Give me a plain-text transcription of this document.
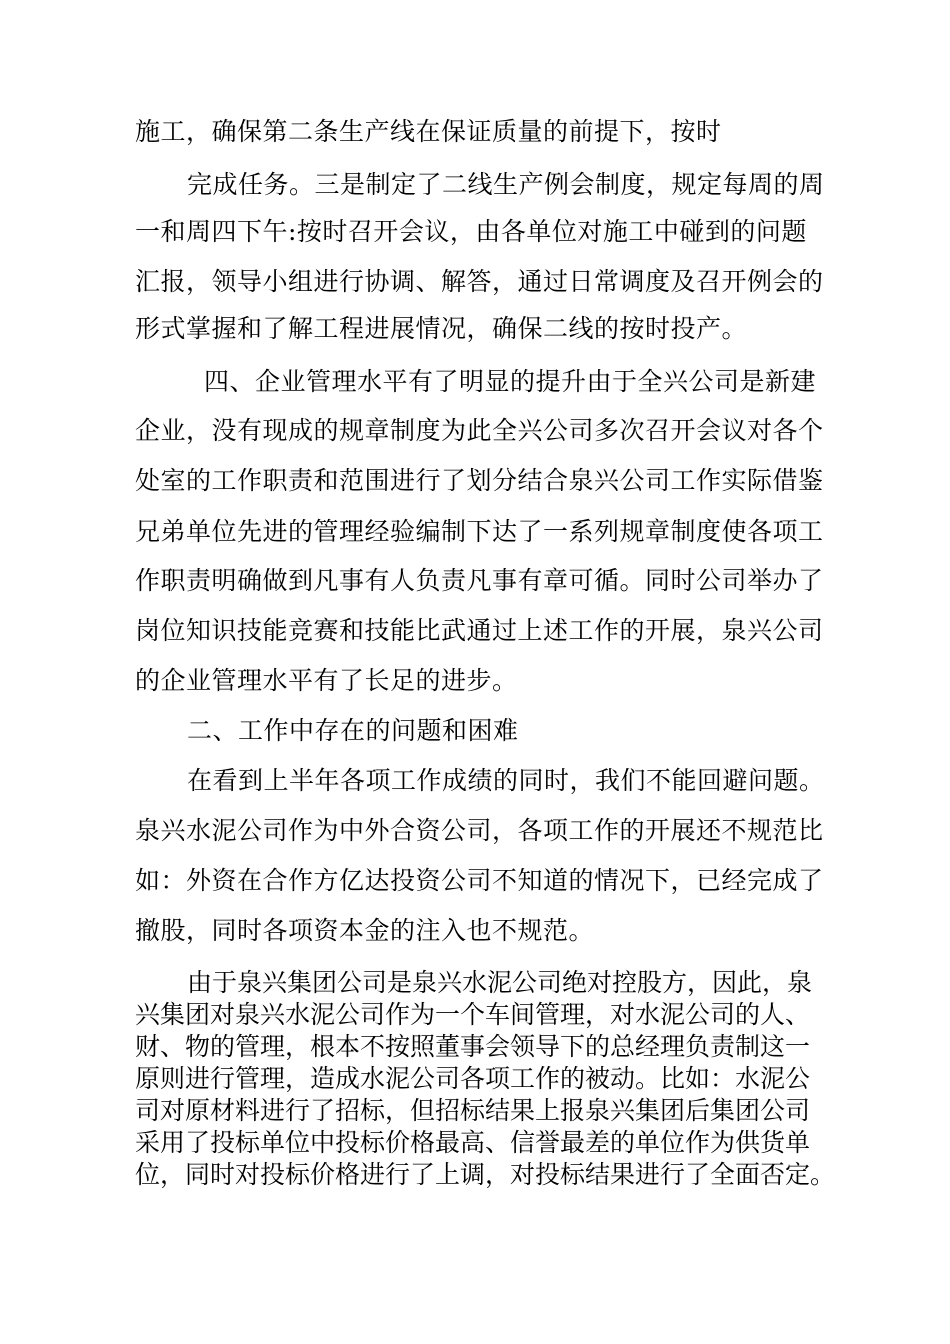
施工，确保第二条生产线在保证质量的前提下，按时
完成任务。三是制定了二线生产例会制度，规定每周的周
一和周四下午:按时召开会议，由各单位对施工中碰到的问题
汇报，领导小组进行协调、解答，通过日常调度及召开例会的
形式掌握和了解工程进展情况，确保二线的按时投产。
四、企业管理水平有了明显的提升由于全兴公司是新建
企业，没有现成的规章制度为此全兴公司多次召开会议对各个
处室的工作职责和范围进行了划分结合泉兴公司工作实际借鉴
兄弟单位先进的管理经验编制下达了一系列规章制度使各项工
作职责明确做到凡事有人负责凡事有章可循。同时公司举办了
岗位知识技能竞赛和技能比武通过上述工作的开展，泉兴公司
的企业管理水平有了长足的进步。
二、工作中存在的问题和困难
在看到上半年各项工作成绩的同时，我们不能回避问题。
泉兴水泥公司作为中外合资公司，各项工作的开展还不规范比
如：外资在合作方亿达投资公司不知道的情况下，已经完成了
撤股，同时各项资本金的注入也不规范。
由于泉兴集团公司是泉兴水泥公司绝对控股方，因此，泉
兴集团对泉兴水泥公司作为一个车间管理，对水泥公司的人、
财、物的管理，根本不按照董事会领导下的总经理负责制这一
原则进行管理，造成水泥公司各项工作的被动。比如：水泥公
司对原材料进行了招标，但招标结果上报泉兴集团后集团公司
采用了投标单位中投标价格最高、信誉最差的单位作为供货单
位，同时对投标价格进行了上调，对投标结果进行了全面否定。
